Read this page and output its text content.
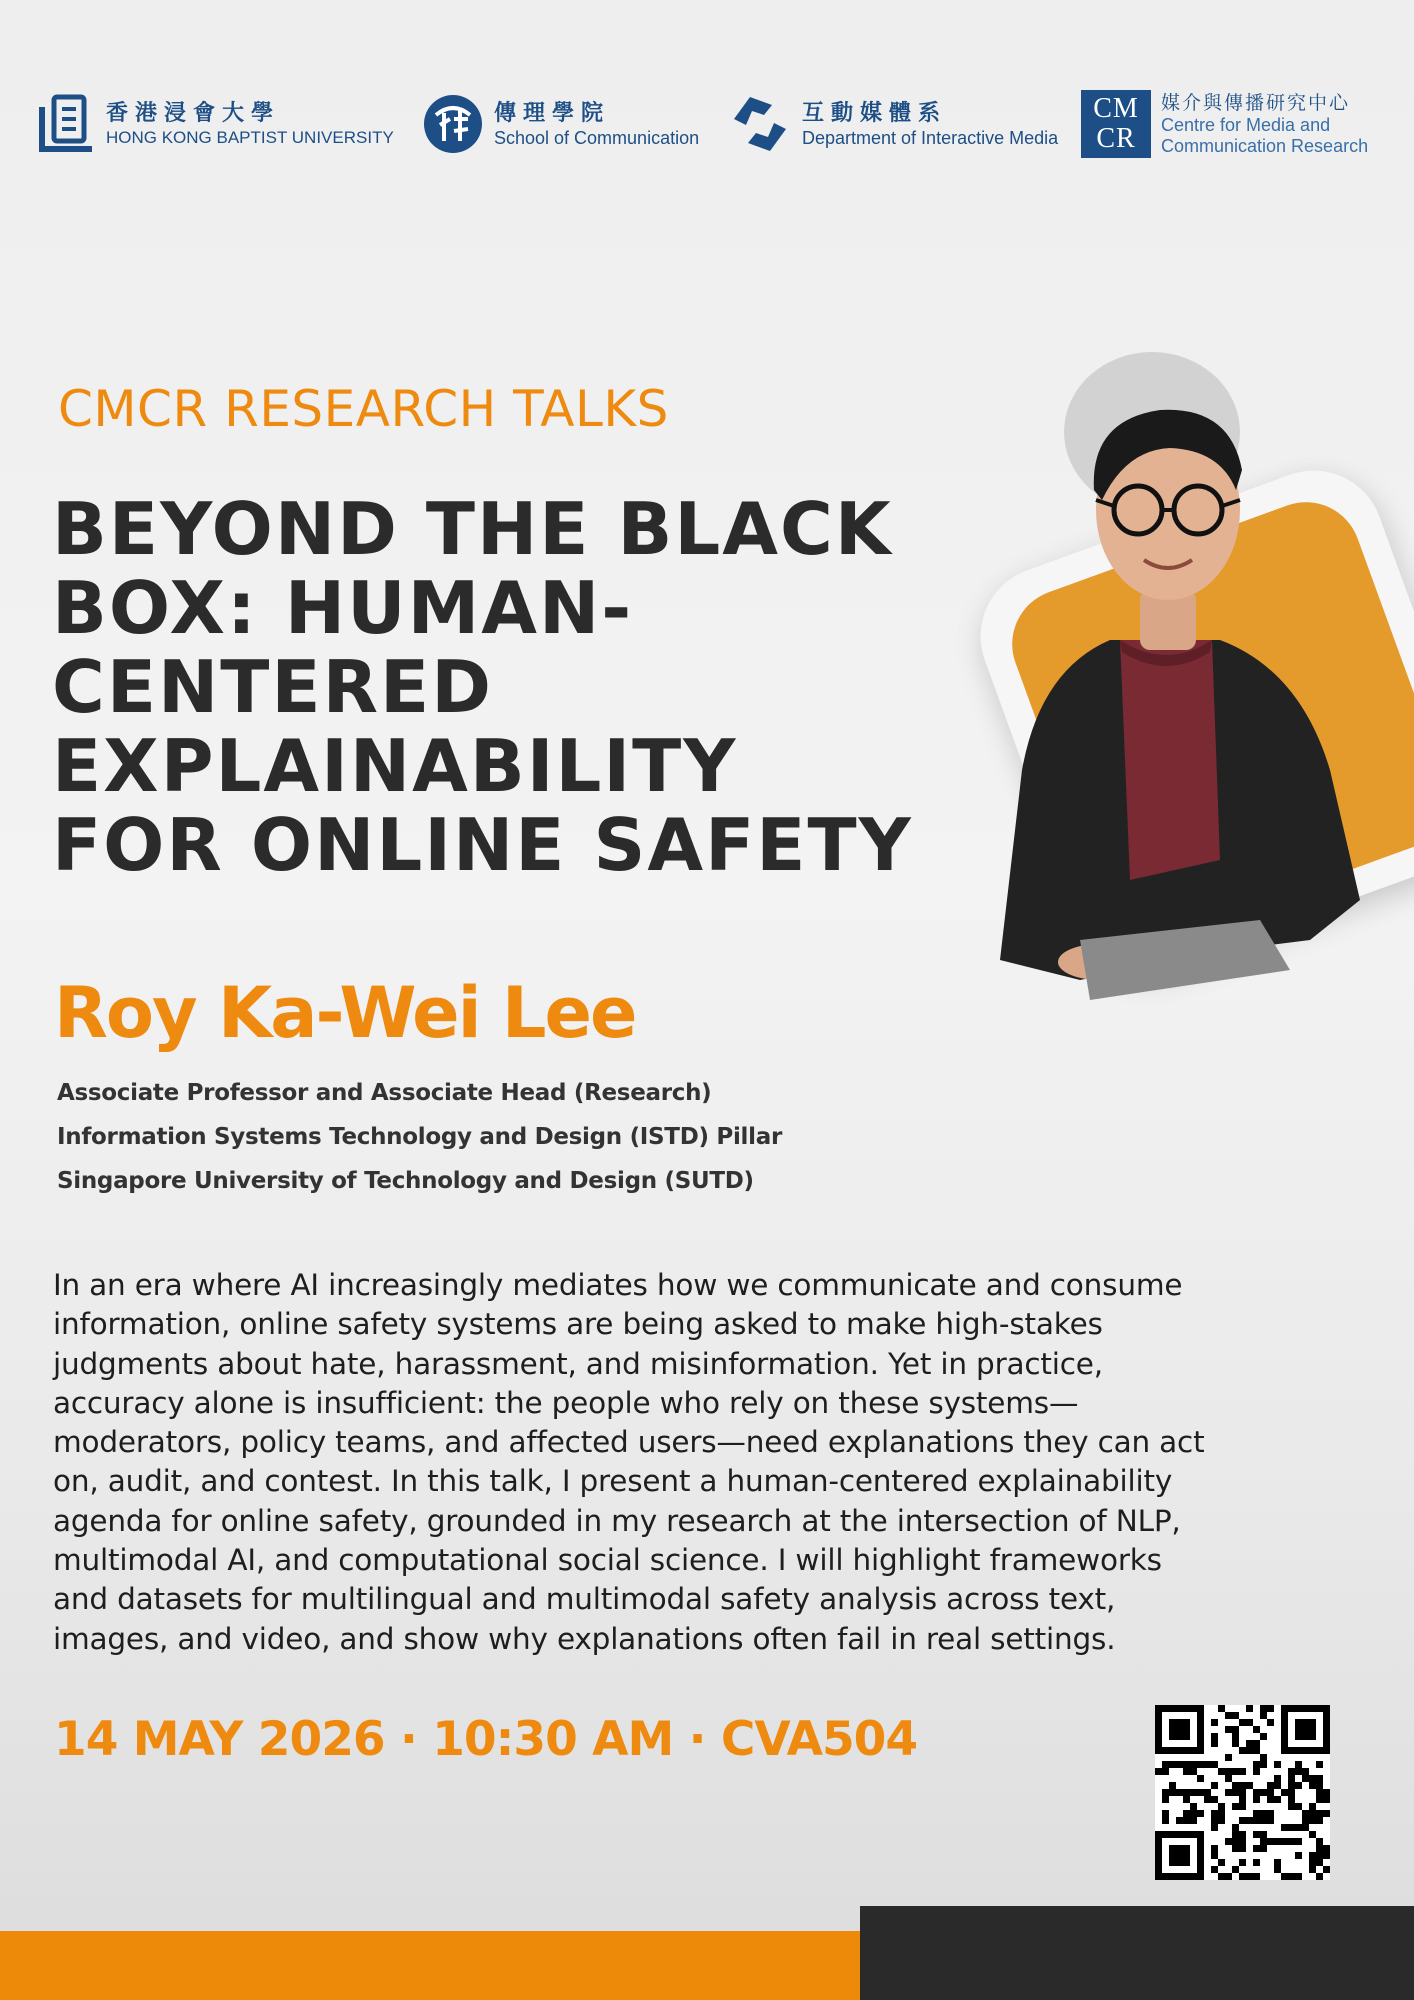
香港浸會大學
HONG KONG BAPTIST UNIVERSITY
傳理學院
School of Communication
互動媒體系
Department of Interactive Media
CM
CR
媒介與傳播研究中心
Centre for Media and
Communication Research
CMCR RESEARCH TALKS
BEYOND THE BLACK
BOX: HUMAN-
CENTERED
EXPLAINABILITY
FOR ONLINE SAFETY
Roy Ka-Wei Lee
Associate Professor and Associate Head (Research)
Information Systems Technology and Design (ISTD) Pillar
Singapore University of Technology and Design (SUTD)
In an era where AI increasingly mediates how we communicate and consume
information, online safety systems are being asked to make high-stakes
judgments about hate, harassment, and misinformation. Yet in practice,
accuracy alone is insufficient: the people who rely on these systems—
moderators, policy teams, and affected users—need explanations they can act
on, audit, and contest. In this talk, I present a human-centered explainability
agenda for online safety, grounded in my research at the intersection of NLP,
multimodal AI, and computational social science. I will highlight frameworks
and datasets for multilingual and multimodal safety analysis across text,
images, and video, and show why explanations often fail in real settings.
14 MAY 2026 · 10:30 AM · CVA504
